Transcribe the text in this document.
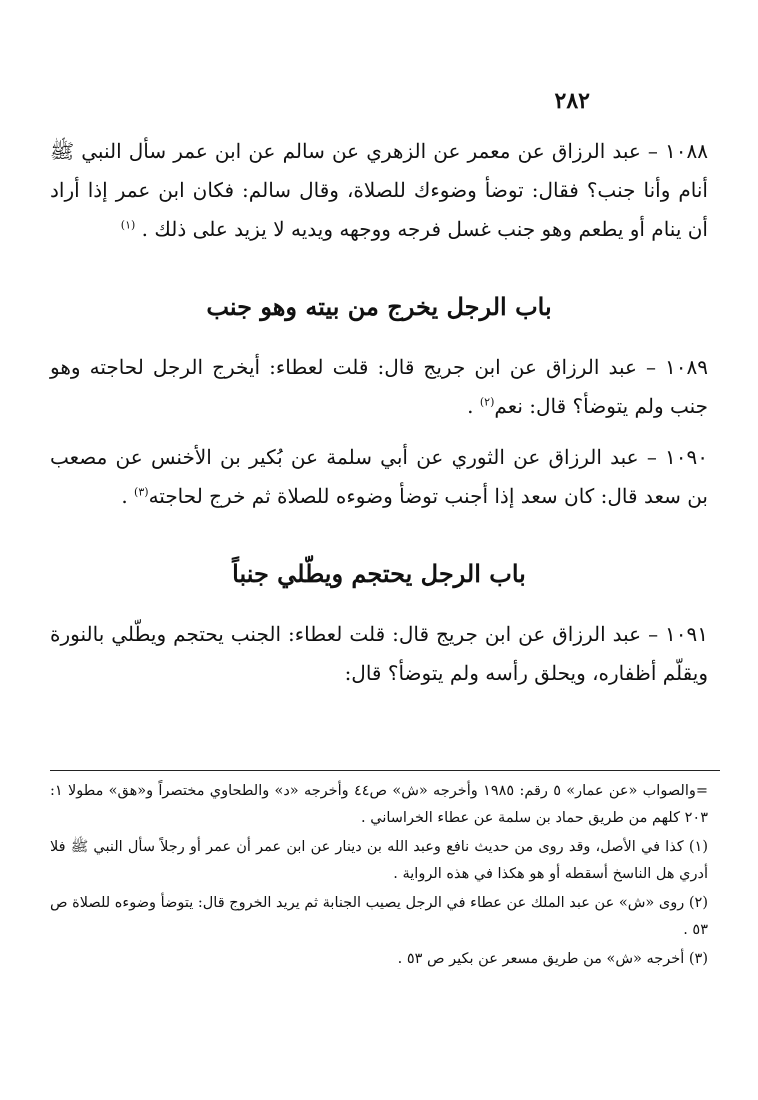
٢٨٢

١٠٨٨ – عبد الرزاق عن معمر عن الزهري عن سالم عن ابن عمر سأل النبي ﷺ أنام وأنا جنب؟ فقال: توضأ وضوءك للصلاة، وقال سالم: فكان ابن عمر إذا أراد أن ينام أو يطعم وهو جنب غسل فرجه ووجهه ويديه لا يزيد على ذلك . $^{(١)}$

باب الرجل يخرج من بيته وهو جنب

١٠٨٩ – عبد الرزاق عن ابن جريج قال: قلت لعطاء: أيخرج الرجل لحاجته وهو جنب ولم يتوضأ؟ قال: نعم$^{(٢)}$ .

١٠٩٠ – عبد الرزاق عن الثوري عن أبي سلمة عن بُكير بن الأخنس عن مصعب بن سعد قال: كان سعد إذا أجنب توضأ وضوءه للصلاة ثم خرج لحاجته$^{(٣)}$ .

باب الرجل يحتجم ويطّلي جنباً

١٠٩١ – عبد الرزاق عن ابن جريج قال: قلت لعطاء: الجنب يحتجم ويطّلي بالنورة ويقلّم أظفاره، ويحلق رأسه ولم يتوضأ؟ قال:

=والصواب «عن عمار» ٥ رقم: ١٩٨٥ وأخرجه «ش» ص٤٤ وأخرجه «د» والطحاوي مختصراً و«هق» مطولا ١: ٢٠٣ كلهم من طريق حماد بن سلمة عن عطاء الخراساني .

(١) كذا في الأصل، وقد روى من حديث نافع وعبد الله بن دينار عن ابن عمر أن عمر أو رجلاً سأل النبي ﷺ فلا أدري هل الناسخ أسقطه أو هو هكذا في هذه الرواية .

(٢) روى «ش» عن عبد الملك عن عطاء في الرجل يصيب الجنابة ثم يريد الخروج قال: يتوضأ وضوءه للصلاة ص ٥٣ .

(٣) أخرجه «ش» من طريق مسعر عن بكير ص ٥٣ .
